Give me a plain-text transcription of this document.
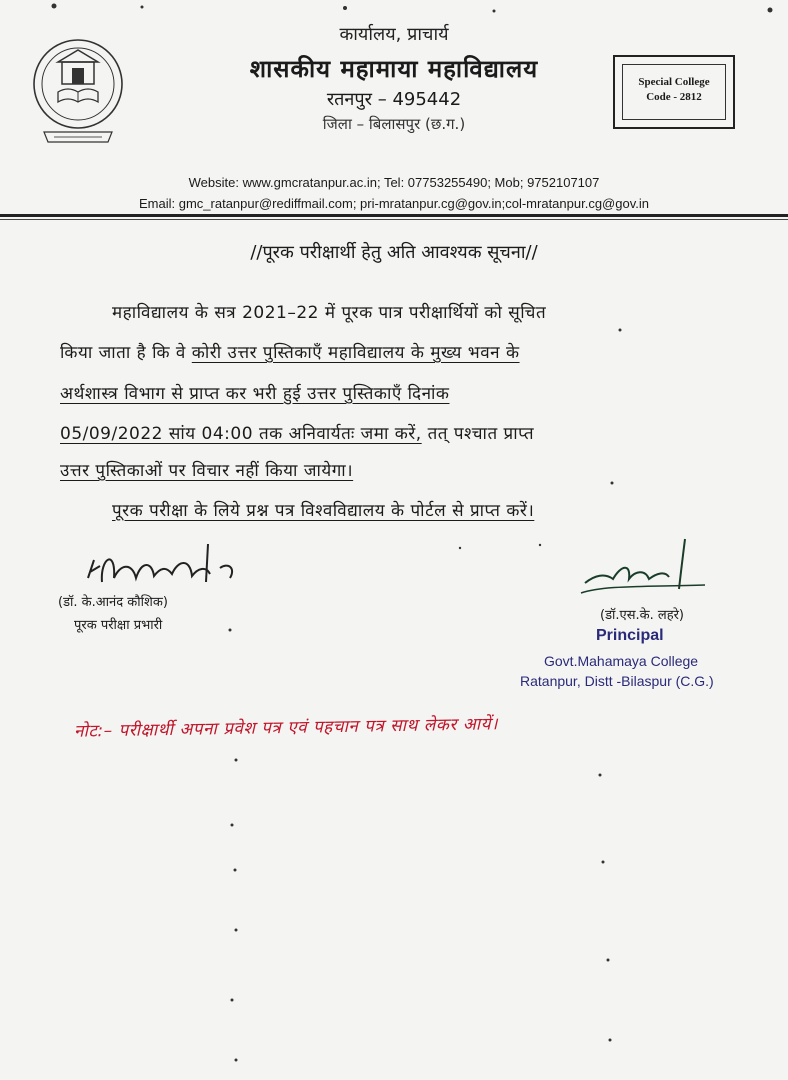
कार्यालय, प्राचार्य
शासकीय महामाया महाविद्यालय
रतनपुर – 495442
जिला – बिलासपुर (छ.ग.)
Special College
Code - 2812
Website: www.gmcratanpur.ac.in; Tel: 07753255490; Mob; 9752107107
Email: gmc_ratanpur@rediffmail.com; pri-mratanpur.cg@gov.in;col-mratanpur.cg@gov.in
//पूरक परीक्षार्थी हेतु अति आवश्यक सूचना//
महाविद्यालय के सत्र 2021–22 में पूरक पात्र परीक्षार्थियों को सूचित
किया जाता है कि वे कोरी उत्तर पुस्तिकाएँ महाविद्यालय के मुख्य भवन के
अर्थशास्त्र विभाग से प्राप्त कर भरी हुई उत्तर पुस्तिकाएँ दिनांक
05/09/2022 सांय 04:00 तक अनिवार्यतः जमा करें, तत् पश्चात प्राप्त
उत्तर पुस्तिकाओं पर विचार नहीं किया जायेगा।
पूरक परीक्षा के लिये प्रश्न पत्र विश्वविद्यालय के पोर्टल से प्राप्त करें।
(डॉ. के.आनंद कौशिक)
पूरक परीक्षा प्रभारी
(डॉ.एस.के. लहरे)
Principal
Govt.Mahamaya College
Ratanpur, Distt -Bilaspur (C.G.)
नोट:– परीक्षार्थी अपना प्रवेश पत्र एवं पहचान पत्र साथ लेकर आयें।
